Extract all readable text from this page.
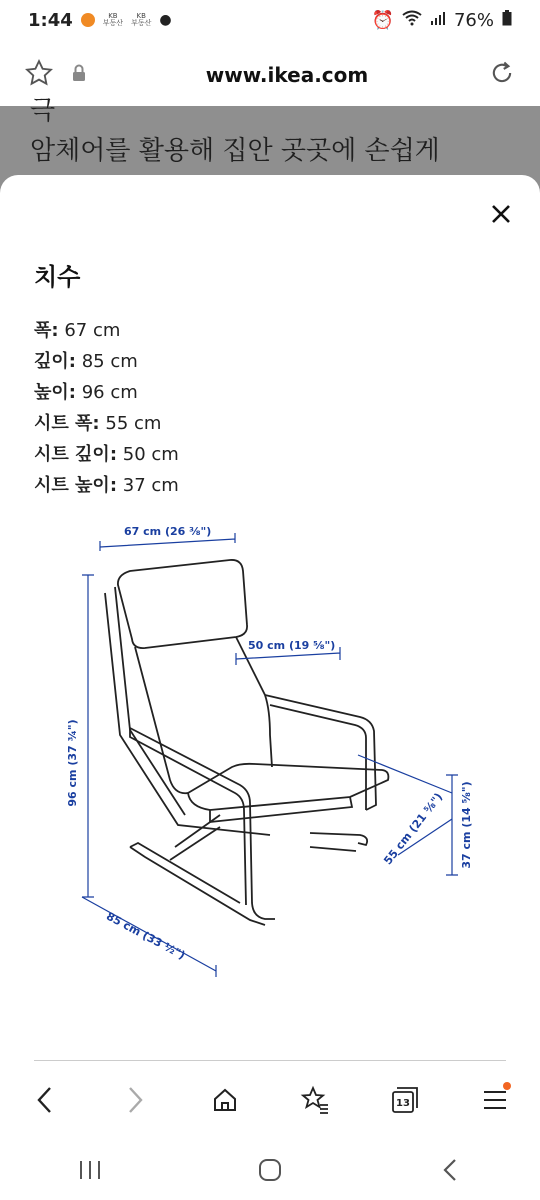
1:44	KB
부동산
KB
부동산 ●	⏰	76%
www.ikea.com
극
암체어를 활용해 집안 곳곳에 손쉽게
치수
폭: 67 cm
깊이: 85 cm
높이: 96 cm
시트 폭: 55 cm
시트 깊이: 50 cm
시트 높이: 37 cm
67 cm (26 ⅜")
50 cm (19 ⅝")
96 cm (37 ¾")
55 cm (21 ⅝") 37 cm (14 ⅝")
85 cm (33 ½")
13
